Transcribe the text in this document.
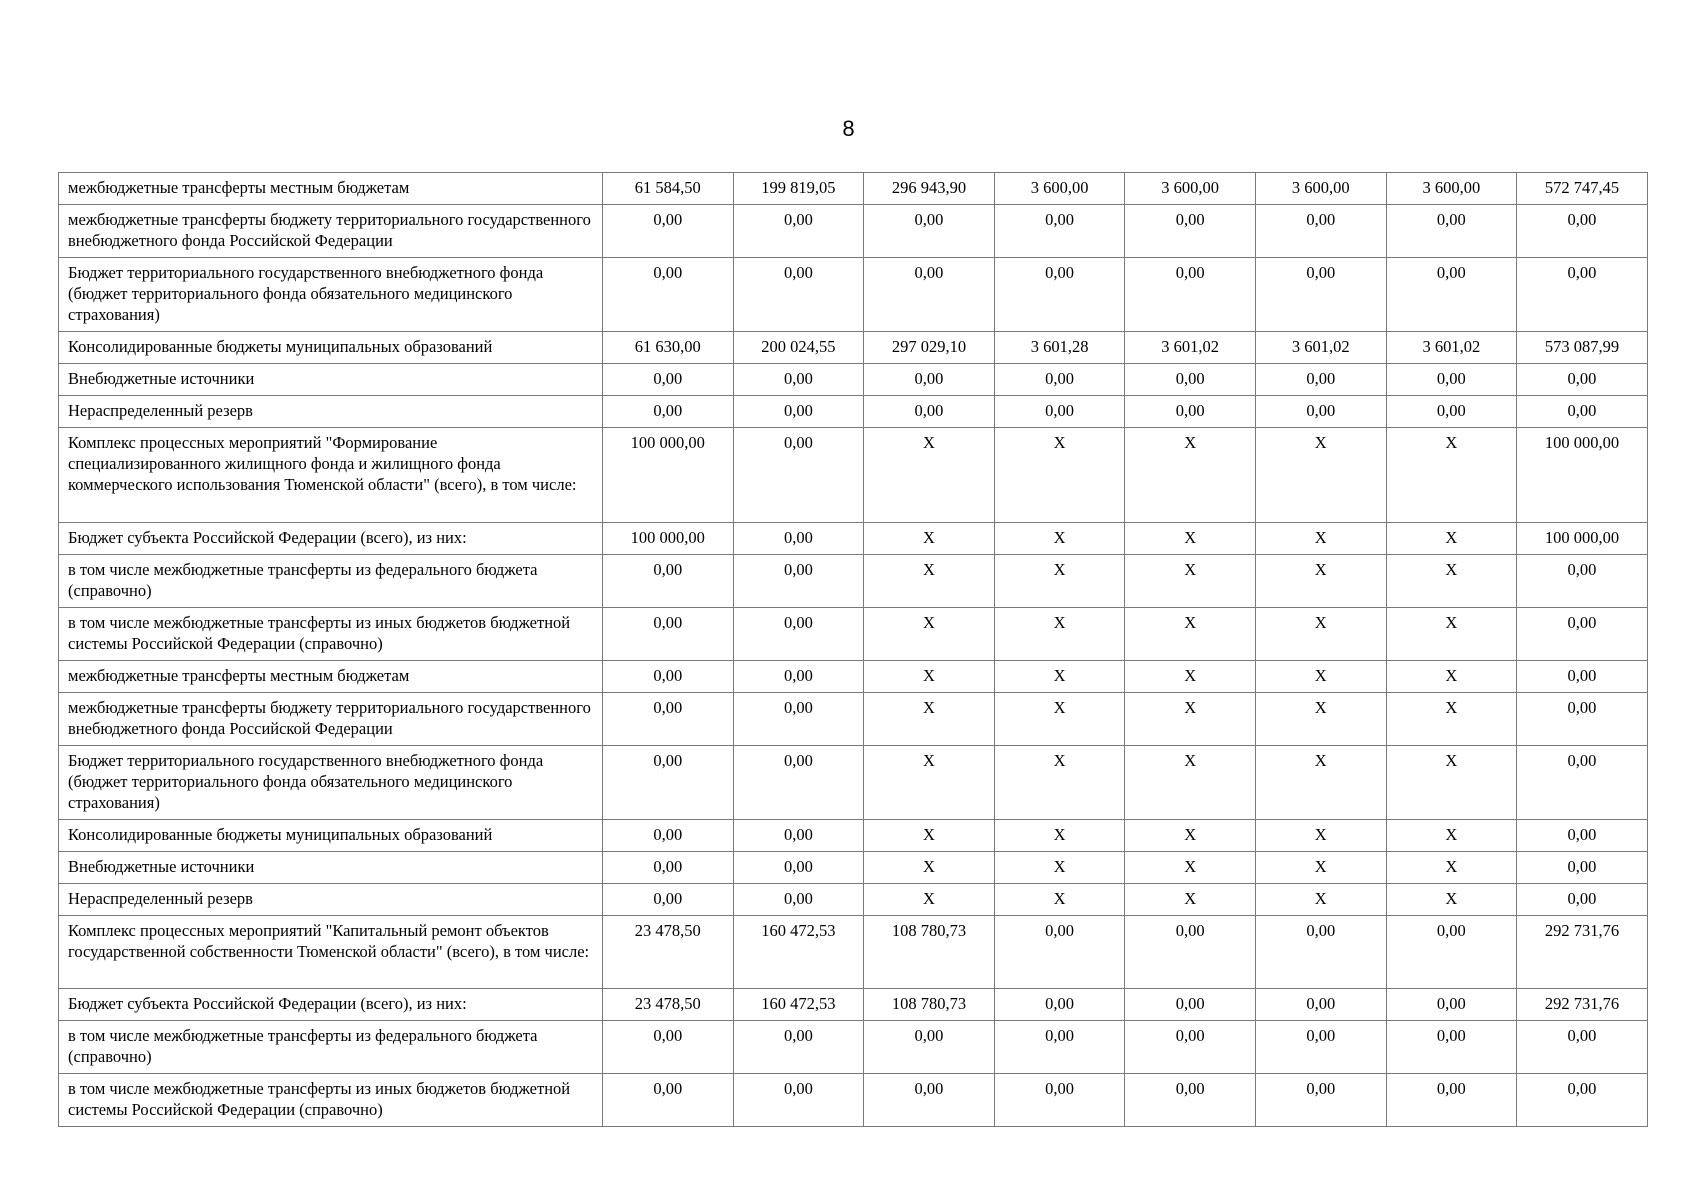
8
межбюджетные трансферты местным бюджетам	61 584,50	199 819,05	296 943,90	3 600,00	3 600,00	3 600,00	3 600,00	572 747,45
межбюджетные трансферты бюджету территориального государственного внебюджетного фонда Российской Федерации	0,00	0,00	0,00	0,00	0,00	0,00	0,00	0,00
Бюджет территориального государственного внебюджетного фонда (бюджет территориального фонда обязательного медицинского страхования)	0,00	0,00	0,00	0,00	0,00	0,00	0,00	0,00
Консолидированные бюджеты муниципальных образований	61 630,00	200 024,55	297 029,10	3 601,28	3 601,02	3 601,02	3 601,02	573 087,99
Внебюджетные источники	0,00	0,00	0,00	0,00	0,00	0,00	0,00	0,00
Нераспределенный резерв	0,00	0,00	0,00	0,00	0,00	0,00	0,00	0,00
Комплекс процессных мероприятий "Формирование специализированного жилищного фонда и жилищного фонда коммерческого использования Тюменской области" (всего), в том числе:	100 000,00	0,00	X	X	X	X	X	100 000,00
Бюджет субъекта Российской Федерации (всего), из них:	100 000,00	0,00	X	X	X	X	X	100 000,00
в том числе межбюджетные трансферты из федерального бюджета (справочно)	0,00	0,00	X	X	X	X	X	0,00
в том числе межбюджетные трансферты из иных бюджетов бюджетной системы Российской Федерации (справочно)	0,00	0,00	X	X	X	X	X	0,00
межбюджетные трансферты местным бюджетам	0,00	0,00	X	X	X	X	X	0,00
межбюджетные трансферты бюджету территориального государственного внебюджетного фонда Российской Федерации	0,00	0,00	X	X	X	X	X	0,00
Бюджет территориального государственного внебюджетного фонда (бюджет территориального фонда обязательного медицинского страхования)	0,00	0,00	X	X	X	X	X	0,00
Консолидированные бюджеты муниципальных образований	0,00	0,00	X	X	X	X	X	0,00
Внебюджетные источники	0,00	0,00	X	X	X	X	X	0,00
Нераспределенный резерв	0,00	0,00	X	X	X	X	X	0,00
Комплекс процессных мероприятий "Капитальный ремонт объектов государственной собственности Тюменской области" (всего), в том числе:	23 478,50	160 472,53	108 780,73	0,00	0,00	0,00	0,00	292 731,76
Бюджет субъекта Российской Федерации (всего), из них:	23 478,50	160 472,53	108 780,73	0,00	0,00	0,00	0,00	292 731,76
в том числе межбюджетные трансферты из федерального бюджета (справочно)	0,00	0,00	0,00	0,00	0,00	0,00	0,00	0,00
в том числе межбюджетные трансферты из иных бюджетов бюджетной системы Российской Федерации (справочно)	0,00	0,00	0,00	0,00	0,00	0,00	0,00	0,00
